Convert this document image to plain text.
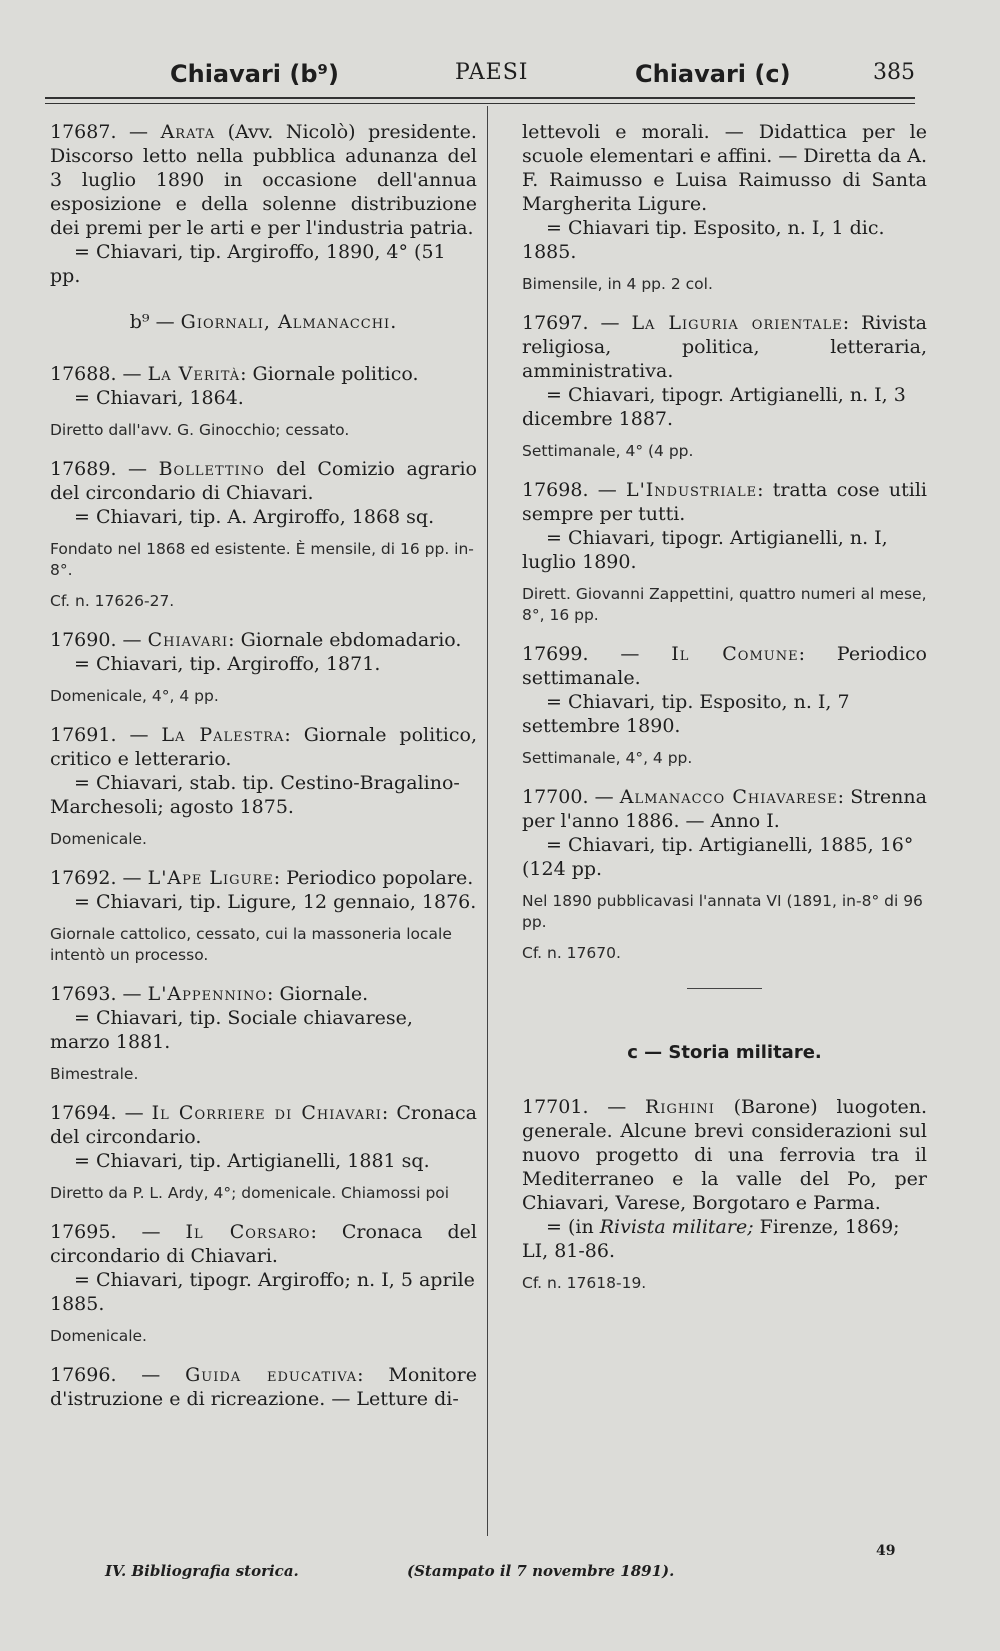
Chiavari (b⁹)	PAESI	Chiavari (c)	385
17687. — Arata (Avv. Nicolò) presidente. Discorso letto nella pubblica adunanza del 3 luglio 1890 in occasione dell'annua esposizione e della solenne distribuzione dei premi per le arti e per l'industria patria.
= Chiavari, tip. Argiroffo, 1890, 4° (51 pp.
b⁹ — Giornali, Almanacchi.
17688. — La Verità: Giornale politico.
= Chiavari, 1864.
Diretto dall'avv. G. Ginocchio; cessato.
17689. — Bollettino del Comizio agrario del circondario di Chiavari.
= Chiavari, tip. A. Argiroffo, 1868 sq.
Fondato nel 1868 ed esistente. È mensile, di 16 pp. in-8°.
Cf. n. 17626-27.
17690. — Chiavari: Giornale ebdomadario.
= Chiavari, tip. Argiroffo, 1871.
Domenicale, 4°, 4 pp.
17691. — La Palestra: Giornale politico, critico e letterario.
= Chiavari, stab. tip. Cestino-Bragalino-Marchesoli; agosto 1875.
Domenicale.
17692. — L'Ape Ligure: Periodico popolare.
= Chiavari, tip. Ligure, 12 gennaio, 1876.
Giornale cattolico, cessato, cui la massoneria locale intentò un processo.
17693. — L'Appennino: Giornale.
= Chiavari, tip. Sociale chiavarese, marzo 1881.
Bimestrale.
17694. — Il Corriere di Chiavari: Cronaca del circondario.
= Chiavari, tip. Artigianelli, 1881 sq.
Diretto da P. L. Ardy, 4°; domenicale. Chiamossi poi
17695. — Il Corsaro: Cronaca del circondario di Chiavari.
= Chiavari, tipogr. Argiroffo; n. I, 5 aprile 1885.
Domenicale.
17696. — Guida educativa: Monitore d'istruzione e di ricreazione. — Letture di-
lettevoli e morali. — Didattica per le scuole elementari e affini. — Diretta da A. F. Raimusso e Luisa Raimusso di Santa Margherita Ligure.
= Chiavari tip. Esposito, n. I, 1 dic. 1885.
Bimensile, in 4 pp. 2 col.
17697. — La Liguria orientale: Rivista religiosa, politica, letteraria, amministrativa.
= Chiavari, tipogr. Artigianelli, n. I, 3 dicembre 1887.
Settimanale, 4° (4 pp.
17698. — L'Industriale: tratta cose utili sempre per tutti.
= Chiavari, tipogr. Artigianelli, n. I, luglio 1890.
Dirett. Giovanni Zappettini, quattro numeri al mese, 8°, 16 pp.
17699. — Il Comune: Periodico settimanale.
= Chiavari, tip. Esposito, n. I, 7 settembre 1890.
Settimanale, 4°, 4 pp.
17700. — Almanacco Chiavarese: Strenna per l'anno 1886. — Anno I.
= Chiavari, tip. Artigianelli, 1885, 16° (124 pp.
Nel 1890 pubblicavasi l'annata VI (1891, in-8° di 96 pp.
Cf. n. 17670.
c — Storia militare.
17701. — Righini (Barone) luogoten. generale. Alcune brevi considerazioni sul nuovo progetto di una ferrovia tra il Mediterraneo e la valle del Po, per Chiavari, Varese, Borgotaro e Parma.
= (in Rivista militare; Firenze, 1869; LI, 81-86.
Cf. n. 17618-19.
49
IV. Bibliografia storica.	(Stampato il 7 novembre 1891).
